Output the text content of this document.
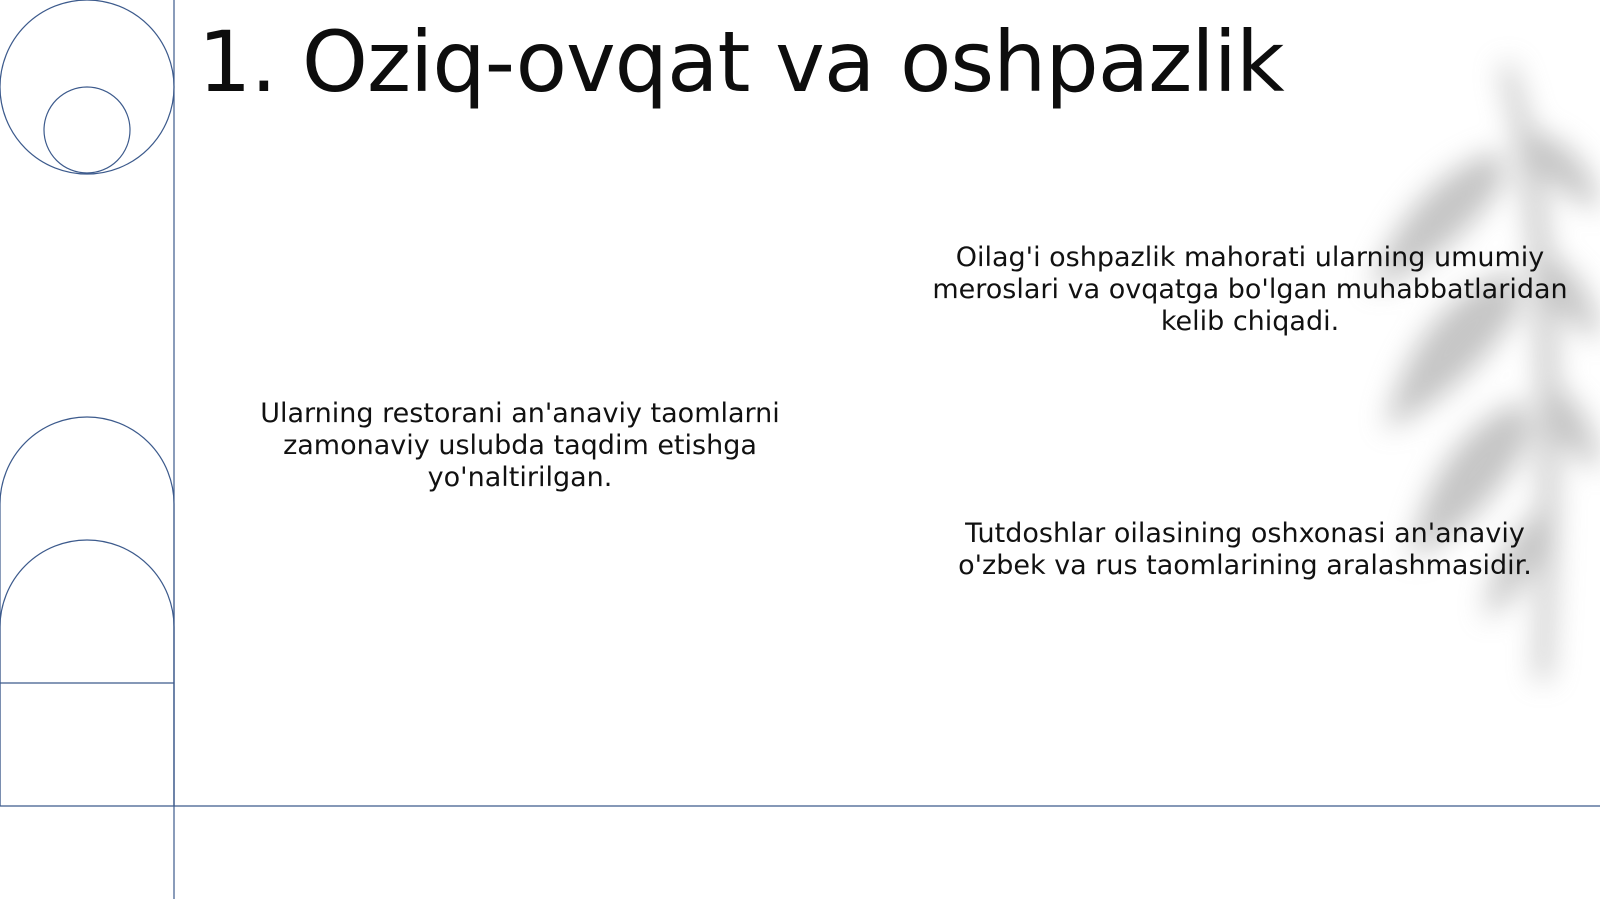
1. Oziq-ovqat va oshpazlik

Oilag'i oshpazlik mahorati ularning umumiy meroslari va ovqatga bo'lgan muhabbatlaridan kelib chiqadi.

Ularning restorani an'anaviy taomlarni zamonaviy uslubda taqdim etishga yo'naltirilgan.

Tutdoshlar oilasining oshxonasi an'anaviy o'zbek va rus taomlarining aralashmasidir.
